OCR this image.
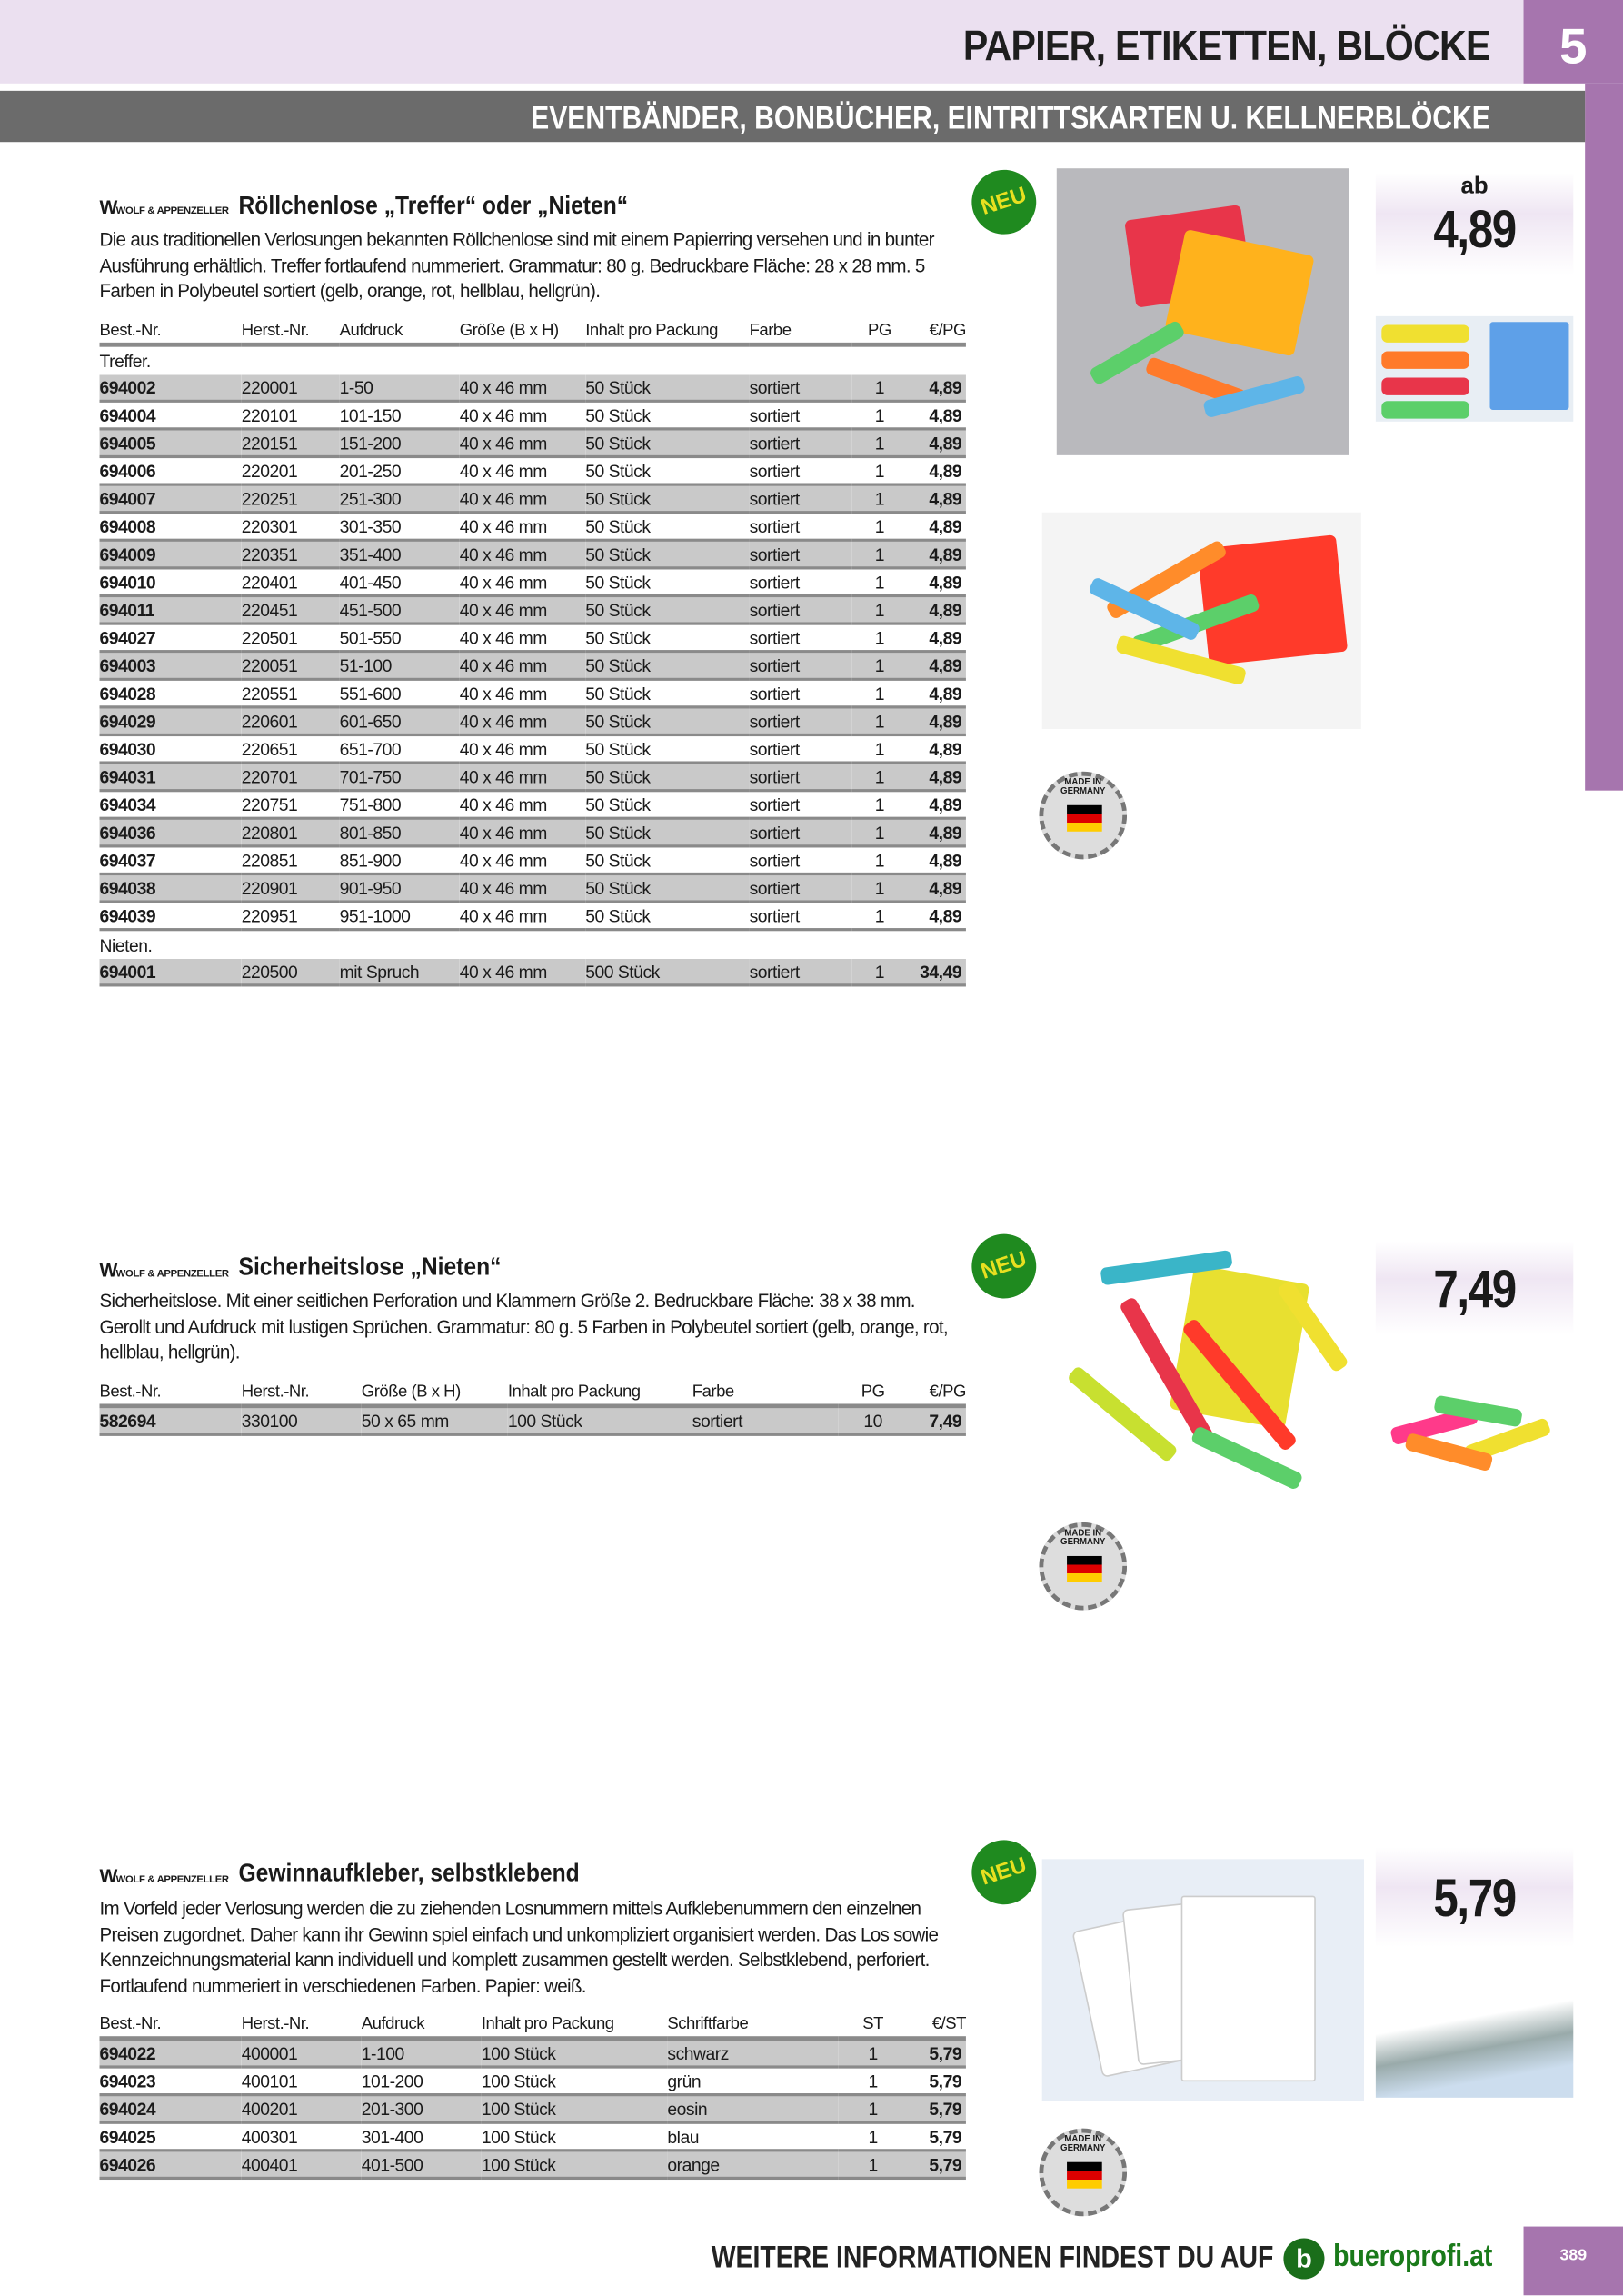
PAPIER, ETIKETTEN, BLÖCKE	5
EVENTBÄNDER, BONBÜCHER, EINTRITTSKARTEN U. KELLNERBLÖCKE
WWOLF & APPENZELLER Röllchenlose „Treffer“ oder „Nieten“
Die aus traditionellen Verlosungen bekannten Röllchenlose sind mit einem Papierring versehen und in bunter Ausführung erhältlich. Treffer fortlaufend nummeriert. Grammatur: 80 g. Bedruckbare Fläche: 28 x 28 mm. 5 Farben in Polybeutel sortiert (gelb, orange, rot, hellblau, hellgrün).
Best.-Nr.	Herst.-Nr.	Aufdruck	Größe (B x H)	Inhalt pro Packung	Farbe	PG	€/PG
Treffer.							
694002	220001	1-50	40 x 46 mm	50 Stück	sortiert	1	4,89
694004	220101	101-150	40 x 46 mm	50 Stück	sortiert	1	4,89
694005	220151	151-200	40 x 46 mm	50 Stück	sortiert	1	4,89
694006	220201	201-250	40 x 46 mm	50 Stück	sortiert	1	4,89
694007	220251	251-300	40 x 46 mm	50 Stück	sortiert	1	4,89
694008	220301	301-350	40 x 46 mm	50 Stück	sortiert	1	4,89
694009	220351	351-400	40 x 46 mm	50 Stück	sortiert	1	4,89
694010	220401	401-450	40 x 46 mm	50 Stück	sortiert	1	4,89
694011	220451	451-500	40 x 46 mm	50 Stück	sortiert	1	4,89
694027	220501	501-550	40 x 46 mm	50 Stück	sortiert	1	4,89
694003	220051	51-100	40 x 46 mm	50 Stück	sortiert	1	4,89
694028	220551	551-600	40 x 46 mm	50 Stück	sortiert	1	4,89
694029	220601	601-650	40 x 46 mm	50 Stück	sortiert	1	4,89
694030	220651	651-700	40 x 46 mm	50 Stück	sortiert	1	4,89
694031	220701	701-750	40 x 46 mm	50 Stück	sortiert	1	4,89
694034	220751	751-800	40 x 46 mm	50 Stück	sortiert	1	4,89
694036	220801	801-850	40 x 46 mm	50 Stück	sortiert	1	4,89
694037	220851	851-900	40 x 46 mm	50 Stück	sortiert	1	4,89
694038	220901	901-950	40 x 46 mm	50 Stück	sortiert	1	4,89
694039	220951	951-1000	40 x 46 mm	50 Stück	sortiert	1	4,89
Nieten.							
694001	220500	mit Spruch	40 x 46 mm	500 Stück	sortiert	1	34,49
NEU	ab
4,89
MADE IN GERMANY
WWOLF & APPENZELLER Sicherheitslose „Nieten“
Sicherheitslose. Mit einer seitlichen Perforation und Klammern Größe 2. Bedruckbare Fläche: 38 x 38 mm. Gerollt und Aufdruck mit lustigen Sprüchen. Grammatur: 80 g. 5 Farben in Polybeutel sortiert (gelb, orange, rot, hellblau, hellgrün).
Best.-Nr.	Herst.-Nr.	Größe (B x H)	Inhalt pro Packung	Farbe	PG	€/PG
582694	330100	50 x 65 mm	100 Stück	sortiert	10	7,49
NEU	7,49
MADE IN GERMANY
WWOLF & APPENZELLER Gewinnaufkleber, selbstklebend
Im Vorfeld jeder Verlosung werden die zu ziehenden Losnummern mittels Aufklebenummern den einzelnen Preisen zugordnet. Daher kann ihr Gewinn spiel einfach und unkompliziert organisiert werden. Das Los sowie Kennzeichnungsmaterial kann individuell und komplett zusammen gestellt werden. Selbstklebend, perforiert. Fortlaufend nummeriert in verschiedenen Farben. Papier: weiß.
Best.-Nr.	Herst.-Nr.	Aufdruck	Inhalt pro Packung	Schriftfarbe	ST	€/ST
694022	400001	1-100	100 Stück	schwarz	1	5,79
694023	400101	101-200	100 Stück	grün	1	5,79
694024	400201	201-300	100 Stück	eosin	1	5,79
694025	400301	301-400	100 Stück	blau	1	5,79
694026	400401	401-500	100 Stück	orange	1	5,79
NEU	5,79
MADE IN GERMANY
WEITERE INFORMATIONEN FINDEST DU AUF	b	bueroprofi.at	389
